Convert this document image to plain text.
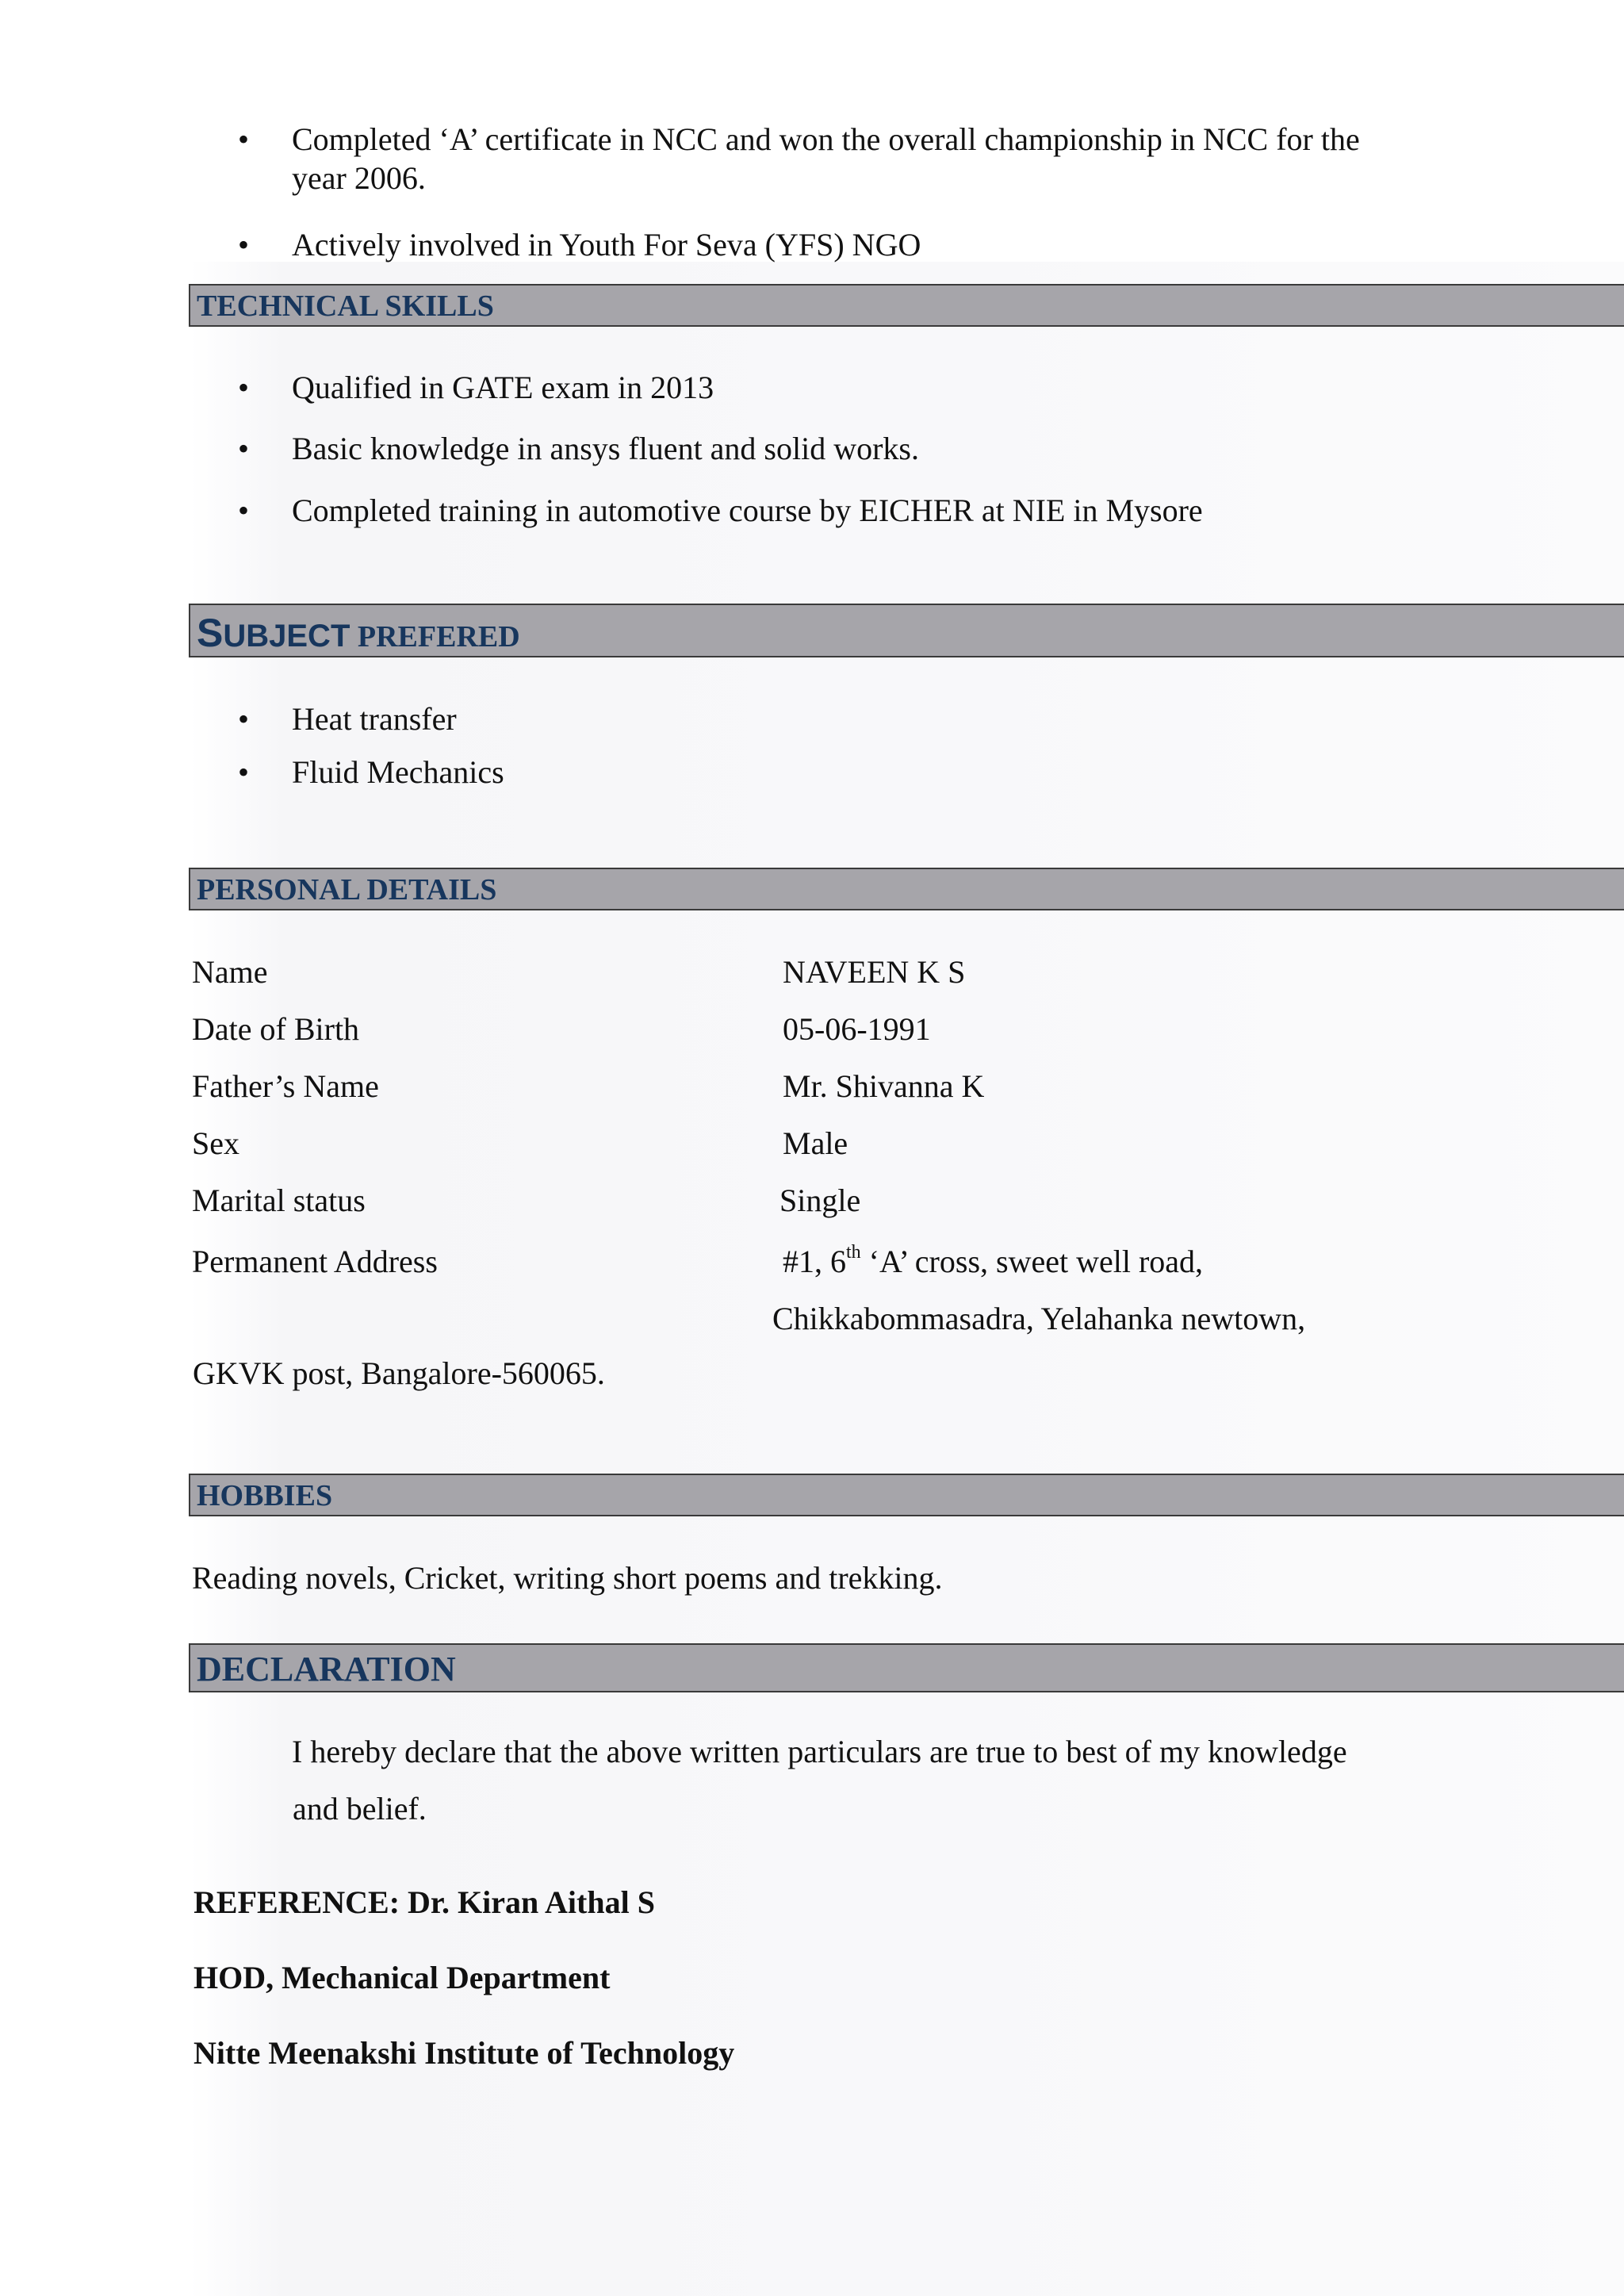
•	Completed ‘A’ certificate in NCC and won the overall championship in NCC for the
year 2006.
•	Actively involved in Youth For Seva (YFS) NGO
TECHNICAL SKILLS
•	Qualified in GATE exam in 2013
•	Basic knowledge in ansys fluent and solid works.
•	Completed training in automotive course by EICHER at NIE in Mysore
SUBJECT PREFERED
•	Heat transfer
•	Fluid Mechanics
PERSONAL DETAILS
Name	NAVEEN K S
Date of Birth	05-06-1991
Father’s Name	Mr. Shivanna K
Sex	Male
Marital status	Single
Permanent Address	#1, 6th ‘A’ cross, sweet well road,
Chikkabommasadra, Yelahanka newtown,
GKVK post, Bangalore-560065.
HOBBIES
Reading novels, Cricket, writing short poems and trekking.
DECLARATION
I hereby declare that the above written particulars are true to best of my knowledge
and belief.
REFERENCE: Dr. Kiran Aithal S
HOD, Mechanical Department
Nitte Meenakshi Institute of Technology
